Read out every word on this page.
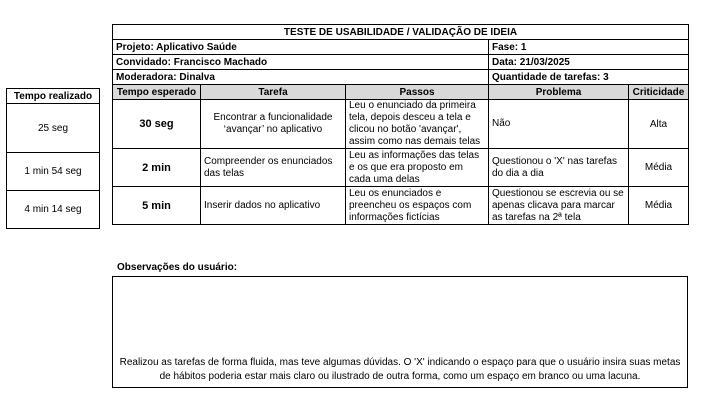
TESTE DE USABILIDADE / VALIDAÇÃO DE IDEIA				
Projeto: Aplicativo Saúde			Fase: 1	
Convidado: Francisco Machado			Data: 21/03/2025	
Moderadora: Dinalva			Quantidade de tarefas: 3	
Tempo esperado	Tarefa	Passos	Problema	Criticidade
30 seg	Encontrar a funcionalidade ‘avançar’ no aplicativo	Leu o enunciado da primeira tela, depois desceu a tela e clicou no botão 'avançar', assim como nas demais telas	Não	Alta
2 min	Compreender os enunciados das telas	Leu as informações das telas e os que era proposto em cada uma delas	Questionou o 'X' nas tarefas do dia a dia	Média
5 min	Inserir dados no aplicativo	Leu os enunciados e preencheu os espaços com informações fictícias	Questionou se escrevia ou se apenas clicava para marcar as tarefas na 2ª tela	Média
Tempo realizado
25 seg
1 min 54 seg
4 min 14 seg
Observações do usuário:
Realizou as tarefas de forma fluida, mas teve algumas dúvidas. O 'X' indicando o espaço para que o usuário insira suas metas de hábitos poderia estar mais claro ou ilustrado de outra forma, como um espaço em branco ou uma lacuna.
